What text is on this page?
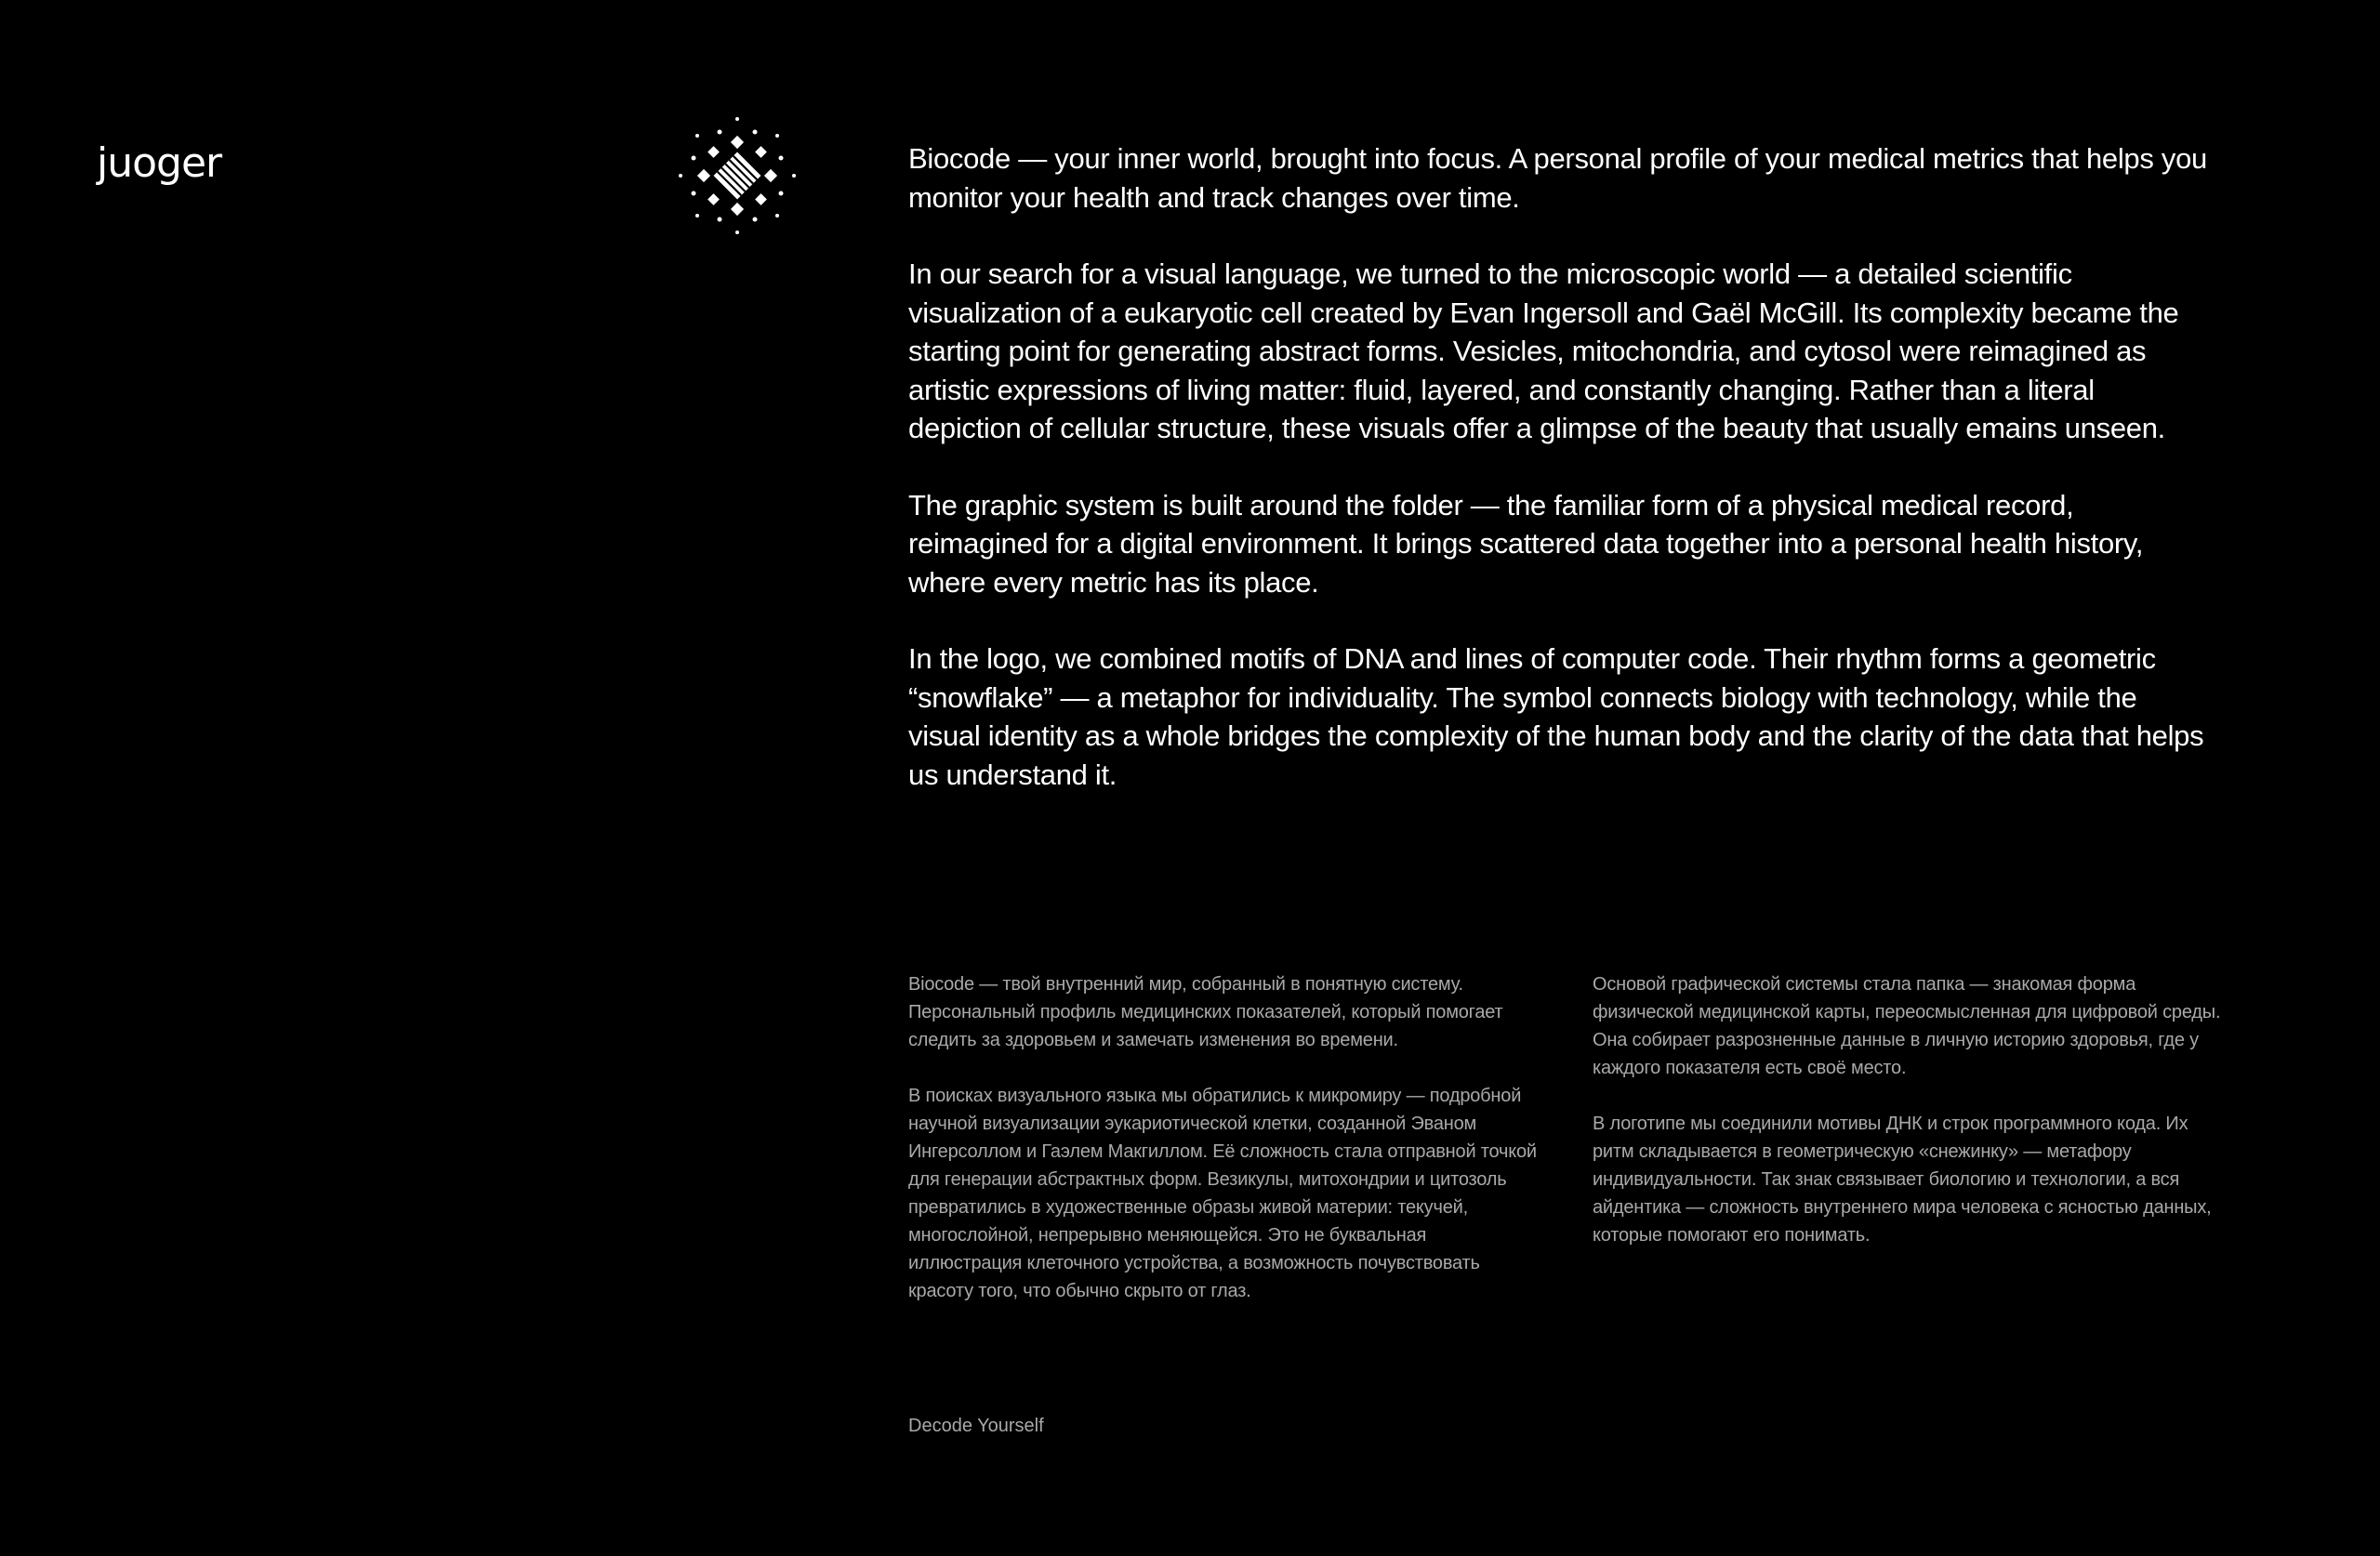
juoger	Biocode — your inner world, brought into focus. A personal profile of your medical metrics that helps you monitor your health and track changes over time.

In our search for a visual language, we turned to the microscopic world — a detailed scientific visualization of a eukaryotic cell created by Evan Ingersoll and Gaël McGill. Its complexity became the starting point for generating abstract forms. Vesicles, mitochondria, and cytosol were reimagined as artistic expressions of living matter: fluid, layered, and constantly changing. Rather than a literal depiction of cellular structure, these visuals offer a glimpse of the beauty that usually emains unseen.

The graphic system is built around the folder — the familiar form of a physical medical record, reimagined for a digital environment. It brings scattered data together into a personal health history, where every metric has its place.

In the logo, we combined motifs of DNA and lines of computer code. Their rhythm forms a geometric “snowflake” — a metaphor for individuality. The symbol connects biology with technology, while the visual identity as a whole bridges the complexity of the human body and the clarity of the data that helps us understand it.

Biocode — твой внутренний мир, собранный в понятную систему. Персональный профиль медицинских показателей, который помогает следить за здоровьем и замечать изменения во времени.

В поисках визуального языка мы обратились к микромиру — подробной научной визуализации эукариотической клетки, созданной Эваном Ингерсоллом и Гаэлем Макгиллом. Её сложность стала отправной точкой для генерации абстрактных форм. Везикулы, митохондрии и цитозоль превратились в художественные образы живой материи: текучей, многослойной, непрерывно меняющейся. Это не буквальная иллюстрация клеточного устройства, а возможность почувствовать красоту того, что обычно скрыто от глаз.

Основой графической системы стала папка — знакомая форма физической медицинской карты, переосмысленная для цифровой среды. Она собирает разрозненные данные в личную историю здоровья, где у каждого показателя есть своё место.

В логотипе мы соединили мотивы ДНК и строк программного кода. Их ритм складывается в геометрическую «снежинку» — метафору индивидуальности. Так знак связывает биологию и технологии, а вся айдентика — сложность внутреннего мира человека с ясностью данных, которые помогают его понимать.

Decode Yourself
